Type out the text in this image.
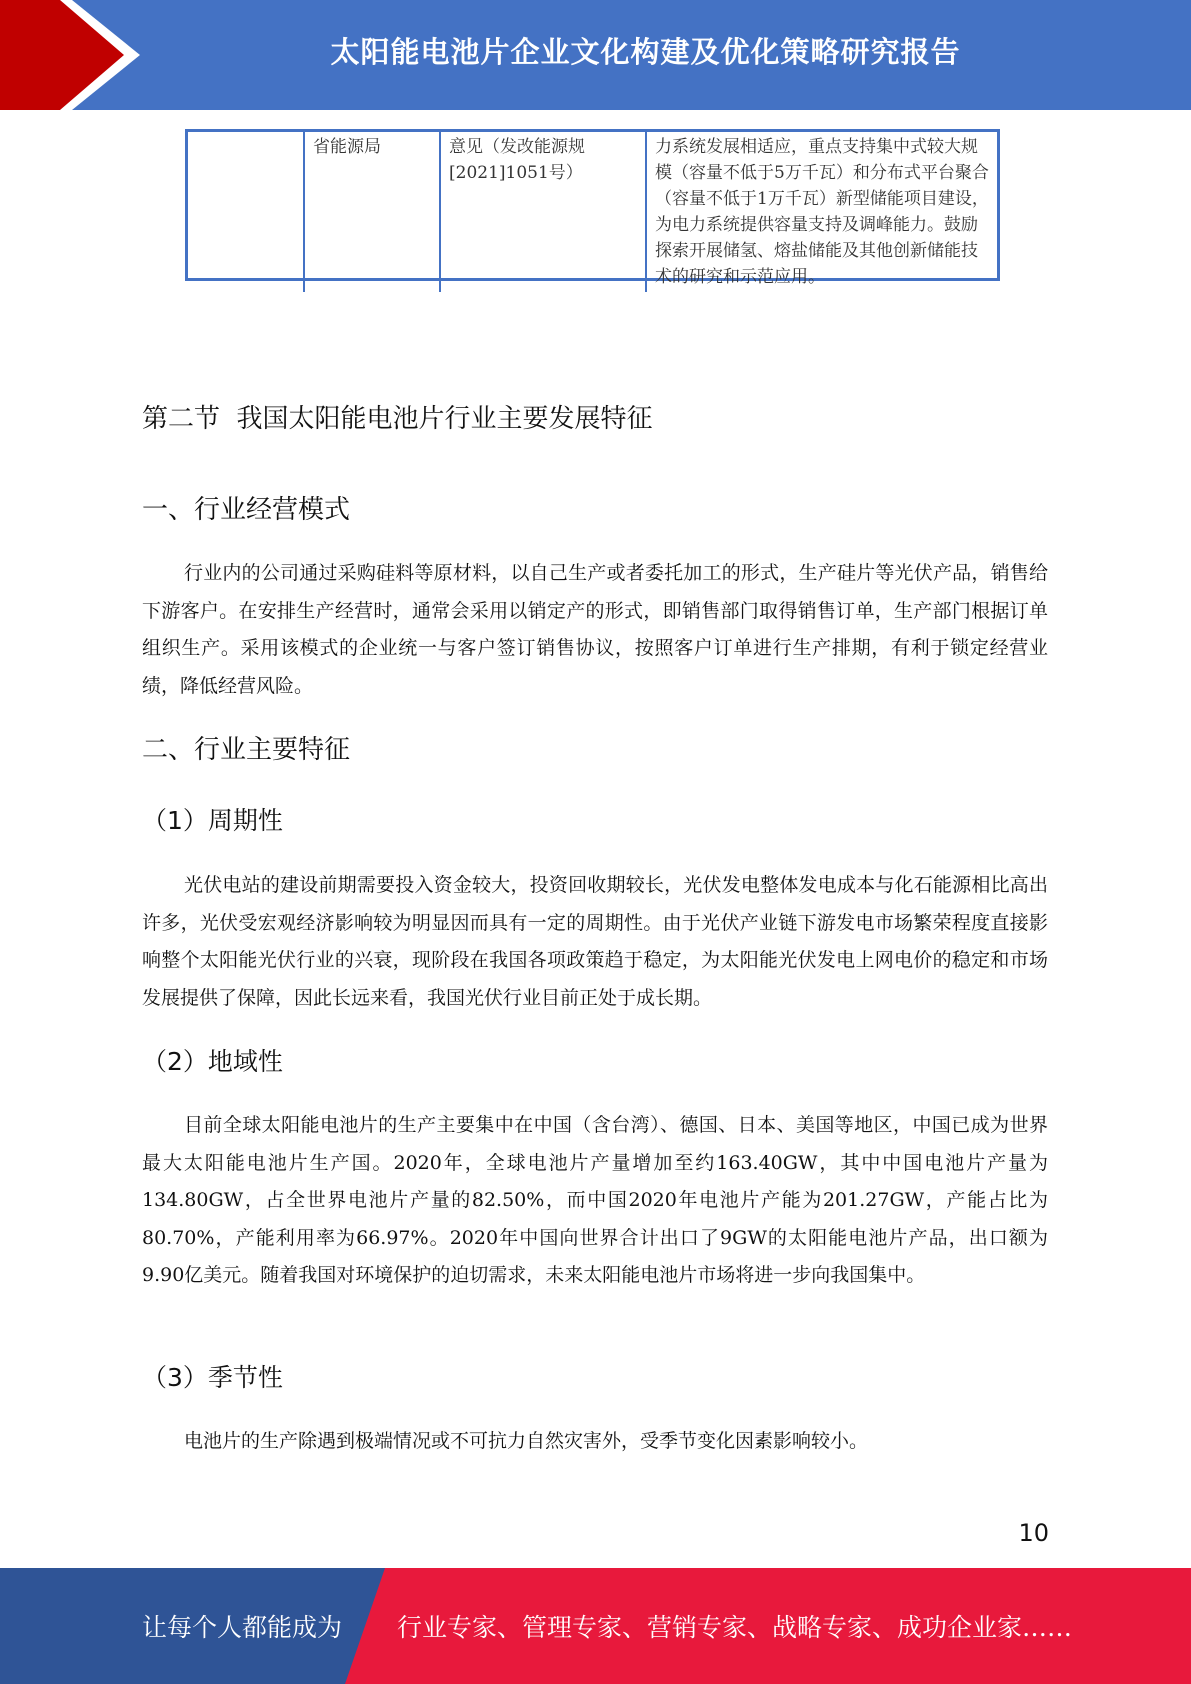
太阳能电池片企业文化构建及优化策略研究报告
	省能源局	意见（发改能源规[2021]1051号）	力系统发展相适应，重点支持集中式较大规模（容量不低于5万千瓦）和分布式平台聚合（容量不低于1万千瓦）新型储能项目建设，为电力系统提供容量支持及调峰能力。鼓励探索开展储氢、熔盐储能及其他创新储能技术的研究和示范应用。
第二节  我国太阳能电池片行业主要发展特征
一、行业经营模式

行业内的公司通过采购硅料等原材料，以自己生产或者委托加工的形式，生产硅片等光伏产品，销售给下游客户。在安排生产经营时，通常会采用以销定产的形式，即销售部门取得销售订单，生产部门根据订单组织生产。采用该模式的企业统一与客户签订销售协议，按照客户订单进行生产排期，有利于锁定经营业绩，降低经营风险。

二、行业主要特征
（1）周期性

光伏电站的建设前期需要投入资金较大，投资回收期较长，光伏发电整体发电成本与化石能源相比高出许多，光伏受宏观经济影响较为明显因而具有一定的周期性。由于光伏产业链下游发电市场繁荣程度直接影响整个太阳能光伏行业的兴衰，现阶段在我国各项政策趋于稳定，为太阳能光伏发电上网电价的稳定和市场发展提供了保障，因此长远来看，我国光伏行业目前正处于成长期。

（2）地域性

目前全球太阳能电池片的生产主要集中在中国（含台湾）、德国、日本、美国等地区，中国已成为世界最大太阳能电池片生产国。2020年，全球电池片产量增加至约163.40GW，其中中国电池片产量为134.80GW，占全世界电池片产量的82.50%，而中国2020年电池片产能为201.27GW，产能占比为80.70%，产能利用率为66.97%。2020年中国向世界合计出口了9GW的太阳能电池片产品，出口额为9.90亿美元。随着我国对环境保护的迫切需求，未来太阳能电池片市场将进一步向我国集中。

（3）季节性

电池片的生产除遇到极端情况或不可抗力自然灾害外，受季节变化因素影响较小。

10
让每个人都能成为 行业专家、管理专家、营销专家、战略专家、成功企业家……
